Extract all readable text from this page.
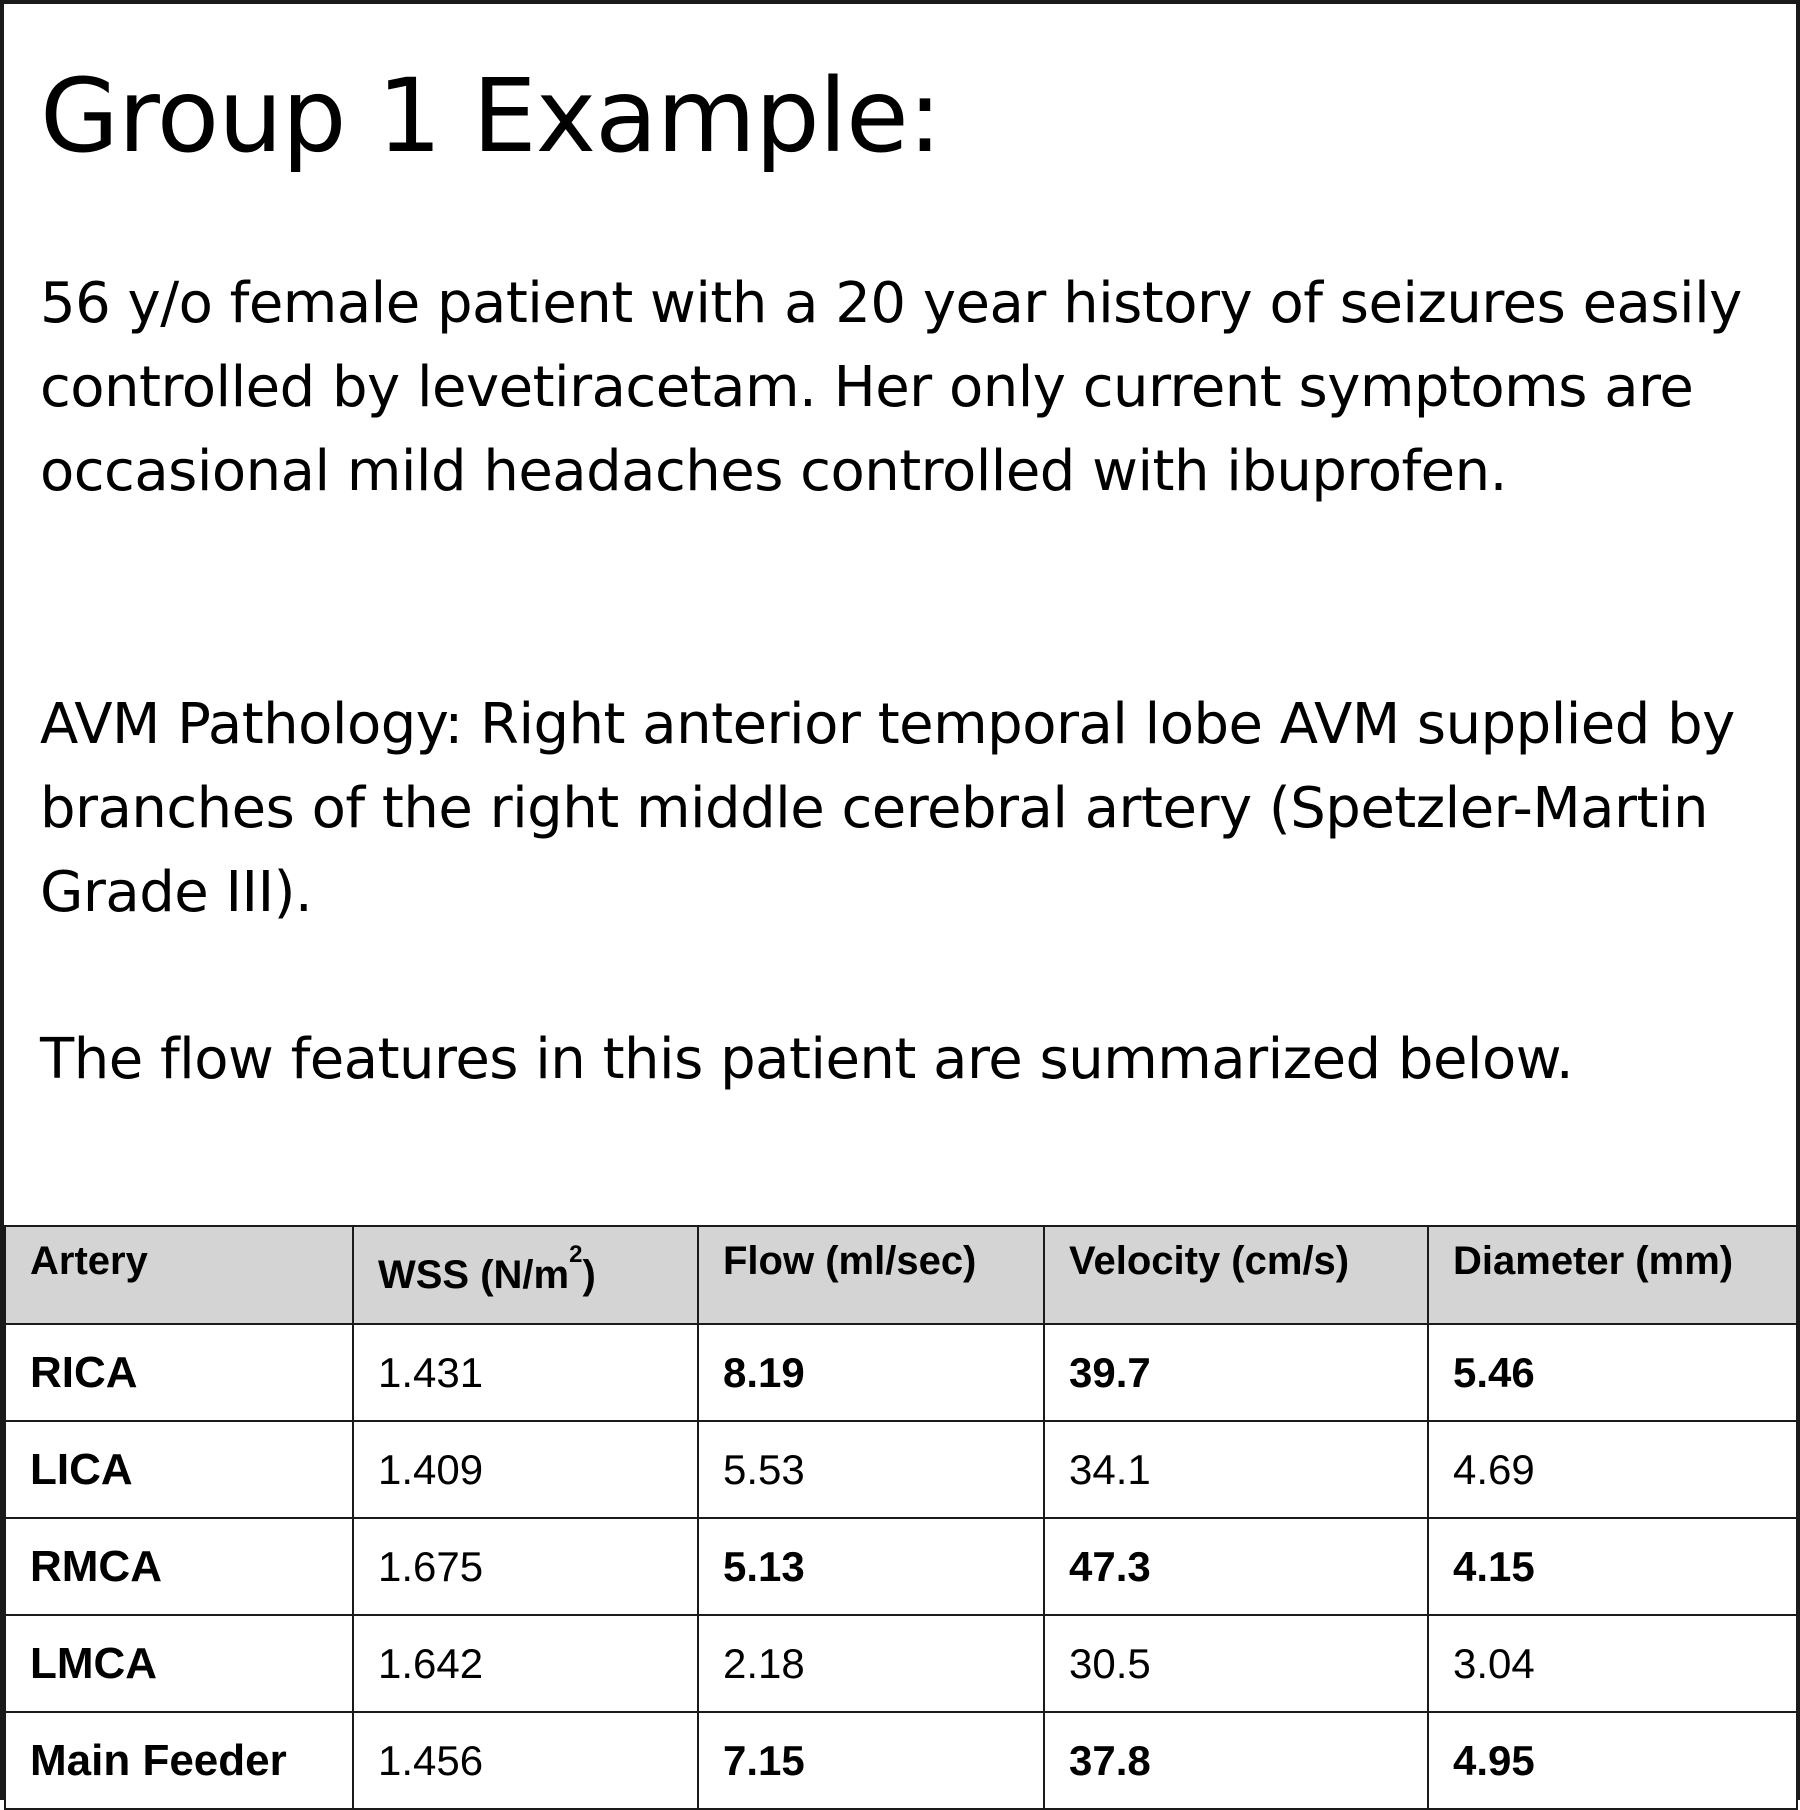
Group 1 Example:

56 y/o female patient with a 20 year history of seizures easily controlled by levetiracetam. Her only current symptoms are occasional mild headaches controlled with ibuprofen.

AVM Pathology: Right anterior temporal lobe AVM supplied by branches of the right middle cerebral artery (Spetzler-Martin Grade III).

The flow features in this patient are summarized below.

Artery	WSS $(N/m^2)$	Flow (ml/sec)	Velocity (cm/s)	Diameter (mm)
RICA	1.431	8.19	39.7	5.46
LICA	1.409	5.53	34.1	4.69
RMCA	1.675	5.13	47.3	4.15
LMCA	1.642	2.18	30.5	3.04
Main Feeder	1.456	7.15	37.8	4.95
